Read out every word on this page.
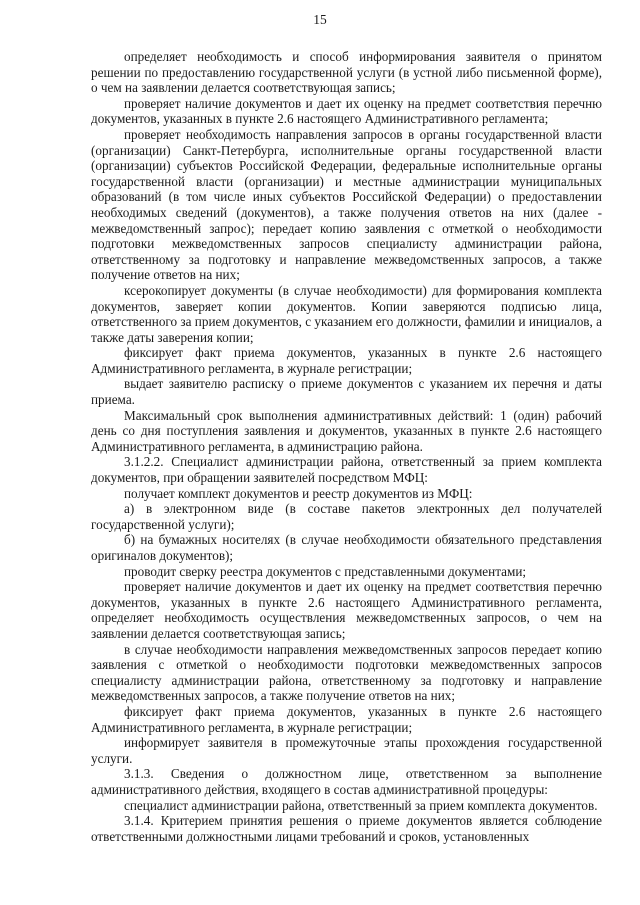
15

определяет необходимость и способ информирования заявителя о принятом решении по предоставлению государственной услуги (в устной либо письменной форме), о чем на заявлении делается соответствующая запись;

проверяет наличие документов и дает их оценку на предмет соответствия перечню документов, указанных в пункте 2.6 настоящего Административного регламента;

проверяет необходимость направления запросов в органы государственной власти (организации) Санкт-Петербурга, исполнительные органы государственной власти (организации) субъектов Российской Федерации, федеральные исполнительные органы государственной власти (организации) и местные администрации муниципальных образований (в том числе иных субъектов Российской Федерации) о предоставлении необходимых сведений (документов), а также получения ответов на них (далее - межведомственный запрос); передает копию заявления с отметкой о необходимости подготовки межведомственных запросов специалисту администрации района, ответственному за подготовку и направление межведомственных запросов, а также получение ответов на них;

ксерокопирует документы (в случае необходимости) для формирования комплекта документов, заверяет копии документов. Копии заверяются подписью лица, ответственного за прием документов, с указанием его должности, фамилии и инициалов, а также даты заверения копии;

фиксирует факт приема документов, указанных в пункте 2.6 настоящего Административного регламента, в журнале регистрации;

выдает заявителю расписку о приеме документов с указанием их перечня и даты приема.

Максимальный срок выполнения административных действий: 1 (один) рабочий день со дня поступления заявления и документов, указанных в пункте 2.6 настоящего Административного регламента, в администрацию района.

3.1.2.2. Специалист администрации района, ответственный за прием комплекта документов, при обращении заявителей посредством МФЦ:

получает комплект документов и реестр документов из МФЦ:

а) в электронном виде (в составе пакетов электронных дел получателей государственной услуги);

б) на бумажных носителях (в случае необходимости обязательного представления оригиналов документов);

проводит сверку реестра документов с представленными документами;

проверяет наличие документов и дает их оценку на предмет соответствия перечню документов, указанных в пункте 2.6 настоящего Административного регламента, определяет необходимость осуществления межведомственных запросов, о чем на заявлении делается соответствующая запись;

в случае необходимости направления межведомственных запросов передает копию заявления с отметкой о необходимости подготовки межведомственных запросов специалисту администрации района, ответственному за подготовку и направление межведомственных запросов, а также получение ответов на них;

фиксирует факт приема документов, указанных в пункте 2.6 настоящего Административного регламента, в журнале регистрации;

информирует заявителя в промежуточные этапы прохождения государственной услуги.

3.1.3. Сведения о должностном лице, ответственном за выполнение административного действия, входящего в состав административной процедуры:

специалист администрации района, ответственный за прием комплекта документов.

3.1.4. Критерием принятия решения о приеме документов является соблюдение ответственными должностными лицами требований и сроков, установленных
